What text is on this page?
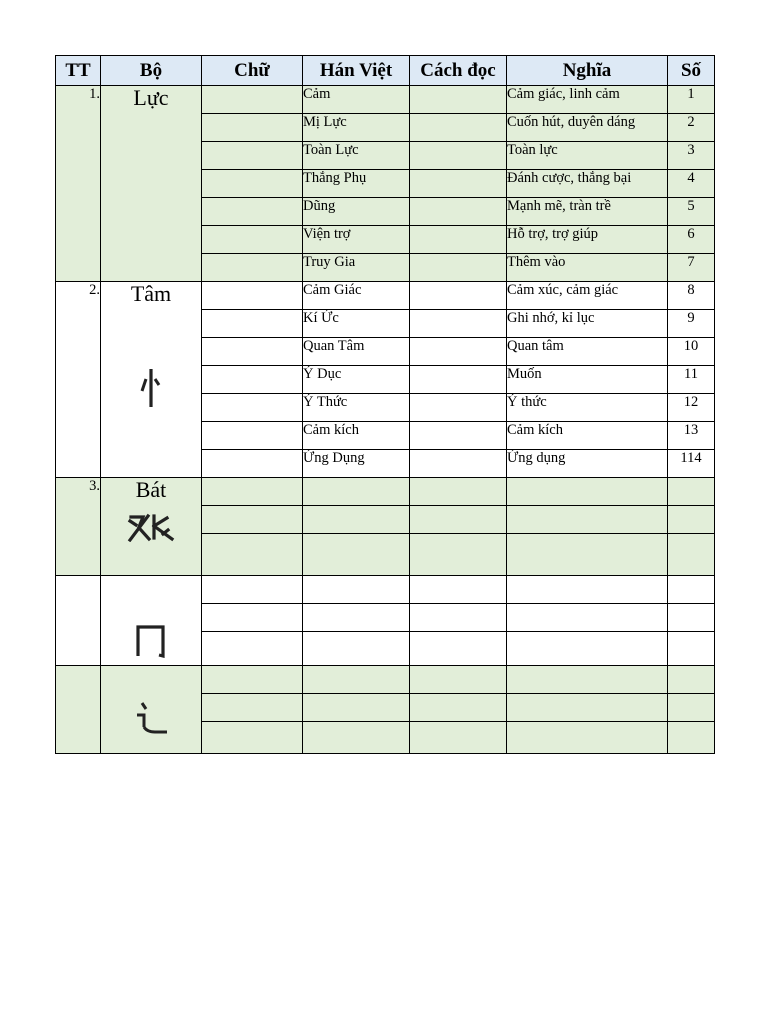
TT	Bộ	Chữ	Hán Việt	Cách đọc	Nghĩa	Số
1.	Lực		Cảm		Cảm giác, linh cảm	1
			Mị Lực		Cuốn hút, duyên dáng	2
			Toàn Lực		Toàn lực	3
			Thắng Phụ		Đánh cược, thắng bại	4
			Dũng		Mạnh mẽ, tràn trề	5
			Viện trợ		Hỗ trợ, trợ giúp	6
			Truy Gia		Thêm vào	7
2.	Tâm		Cảm Giác		Cảm xúc, cảm giác	8
			Kí Ức		Ghi nhớ, kỉ lục	9
			Quan Tâm		Quan tâm	10
			Ý Dục		Muốn	11
			Ý Thức		Ý thức	12
			Cảm kích		Cảm kích	13
			Ứng Dụng		Ứng dụng	114
3.	Bát					
